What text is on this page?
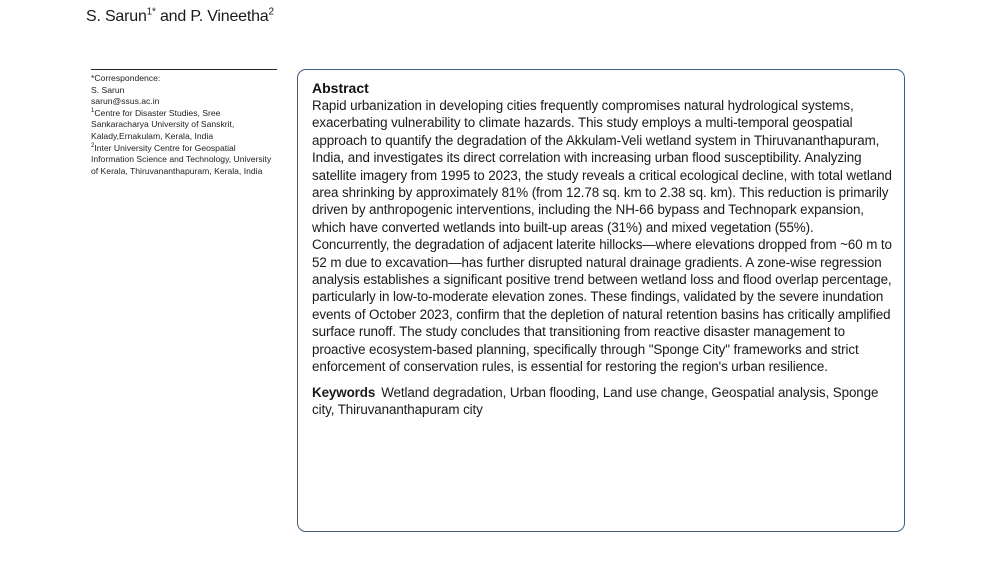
S. Sarun$^{1*}$ and P. Vineetha$^2$
*Correspondence:
S. Sarun
sarun@ssus.ac.in
$^1$Centre for Disaster Studies, Sree Sankaracharya University of Sanskrit, Kalady,Ernakulam, Kerala, India
$^2$Inter University Centre for Geospatial Information Science and Technology, University of Kerala, Thiruvananthapuram, Kerala, India
Abstract
Rapid urbanization in developing cities frequently compromises natural hydrological systems, exacerbating vulnerability to climate hazards. This study employs a multi-temporal geospatial approach to quantify the degradation of the Akkulam-Veli wetland system in Thiruvananthapuram, India, and investigates its direct correlation with increasing urban flood susceptibility. Analyzing satellite imagery from 1995 to 2023, the study reveals a critical ecological decline, with total wetland area shrinking by approximately 81% (from 12.78 sq. km to 2.38 sq. km). This reduction is primarily driven by anthropogenic interventions, including the NH-66 bypass and Technopark expansion, which have converted wetlands into built-up areas (31%) and mixed vegetation (55%). Concurrently, the degradation of adjacent laterite hillocks—where elevations dropped from ~60 m to 52 m due to excavation—has further disrupted natural drainage gradients. A zone-wise regression analysis establishes a significant positive trend between wetland loss and flood overlap percentage, particularly in low-to-moderate elevation zones. These findings, validated by the severe inundation events of October 2023, confirm that the depletion of natural retention basins has critically amplified surface runoff. The study concludes that transitioning from reactive disaster management to proactive ecosystem-based planning, specifically through "Sponge City" frameworks and strict enforcement of conservation rules, is essential for restoring the region's urban resilience.
Keywords Wetland degradation, Urban flooding, Land use change, Geospatial analysis, Sponge city, Thiruvananthapuram city
